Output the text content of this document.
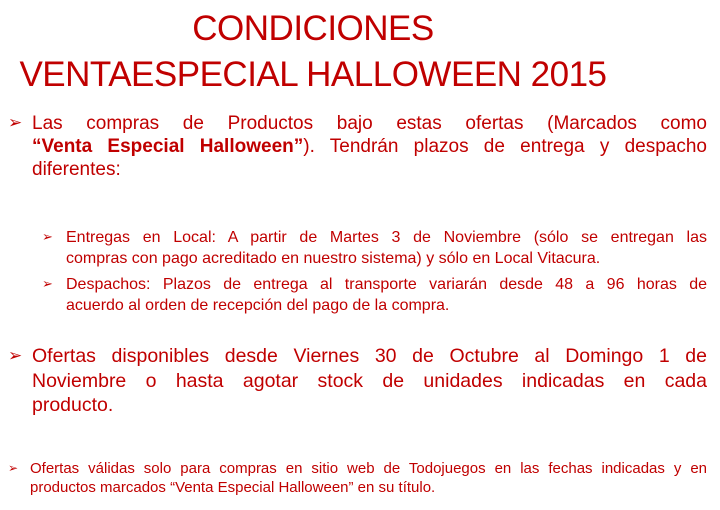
CONDICIONES
VENTAESPECIAL HALLOWEEN 2015
➢ Las compras de Productos bajo estas ofertas (Marcados como
“Venta Especial Halloween”). Tendrán plazos de entrega y despacho
diferentes:
➢ Entregas en Local: A partir de Martes 3 de Noviembre (sólo se entregan las
compras con pago acreditado en nuestro sistema) y sólo en Local Vitacura.
➢ Despachos: Plazos de entrega al transporte variarán desde 48 a 96 horas de
acuerdo al orden de recepción del pago de la compra.
➢ Ofertas disponibles desde Viernes 30 de Octubre al Domingo 1 de
Noviembre o hasta agotar stock de unidades indicadas en cada
producto.
➢ Ofertas válidas solo para compras en sitio web de Todojuegos en las fechas indicadas y en
productos marcados “Venta Especial Halloween” en su título.
